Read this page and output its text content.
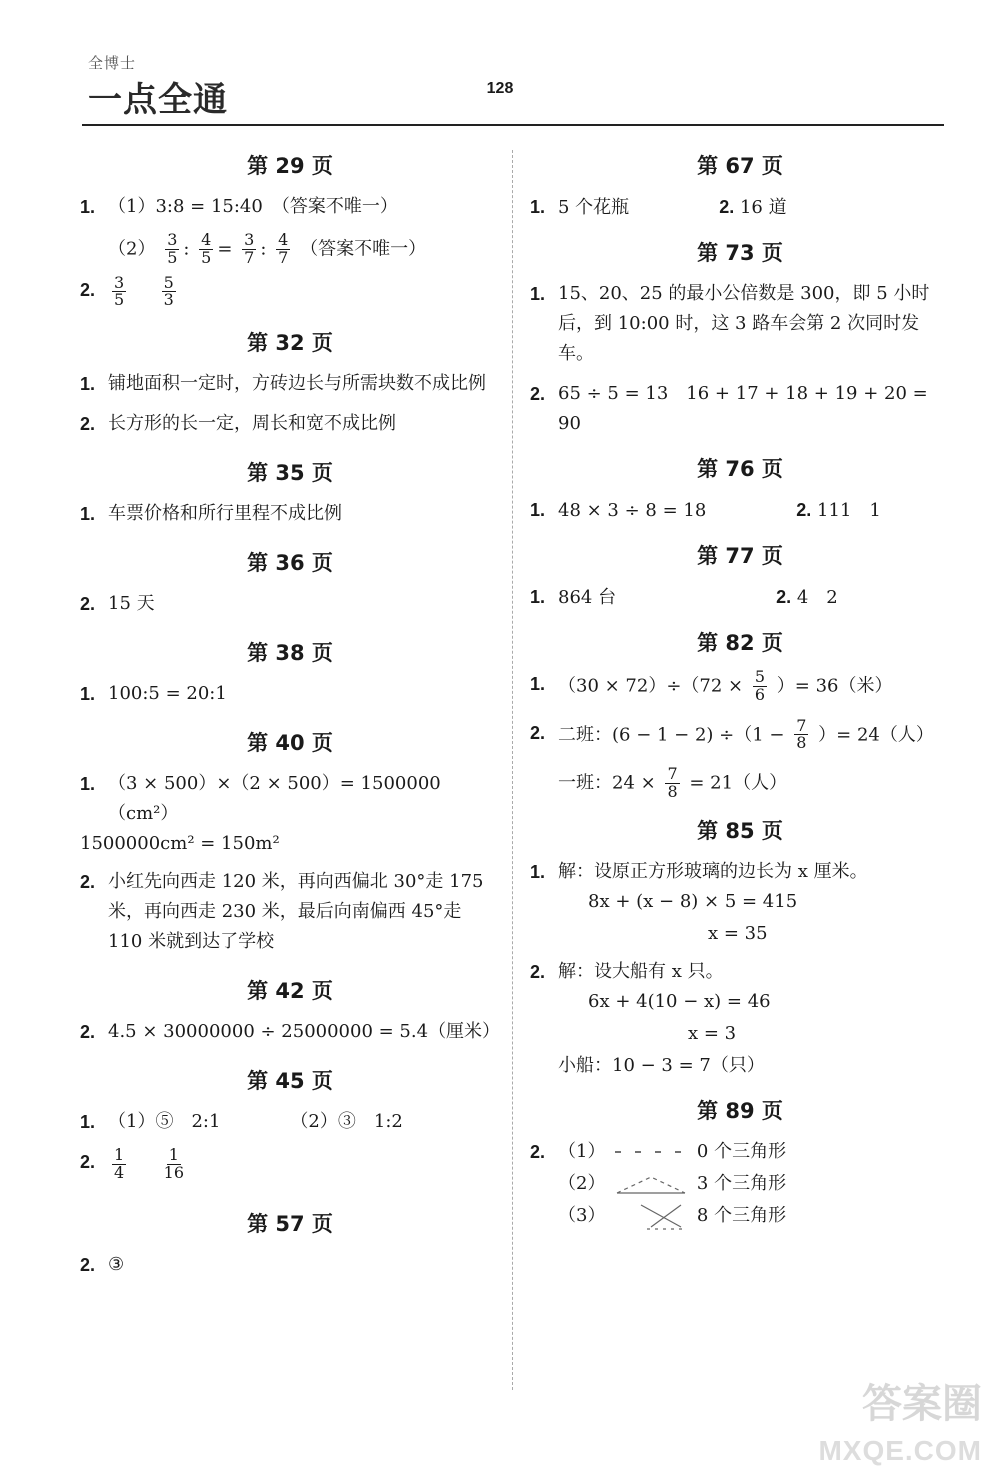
全博士
一点全通	128
第 29 页
1. （1）3:8 = 15:40　（答案不唯一）
$(2) \frac{3}{5}$ : $\frac{4}{5} = \frac{3}{7}$ : $\frac{4}{7}$ （答案不唯一）
2.	$\frac{3}{5}$
$\frac{5}{3}$
第 32 页
1. 铺地面积一定时，方砖边长与所需块数不成比例
2. 长方形的长一定，周长和宽不成比例
第 35 页
1. 车票价格和所行里程不成比例
第 36 页
2. 15 天
第 38 页
1. 100:5 = 20:1
第 40 页
1. （3 × 500）×（2 × 500）= 1500000（cm²）
1500000cm² = 150m²
2. 小红先向西走 120 米，再向西偏北 30°走 175 米，再向西走 230 米，最后向南偏西 45°走 110 米就到达了学校
第 42 页
2. 4.5 × 30000000 ÷ 25000000 = 5.4（厘米）
第 45 页
1. （1）⑤　2:1	（2）③　1:2
2.	$\frac{1}{4}$
$\frac{1}{16}$
第 57 页
2. ③
第 67 页
1. 5 个花瓶	2. 16 道
第 73 页
1. 15、20、25 的最小公倍数是 300，即 5 小时后，到 10:00 时，这 3 路车会第 2 次同时发车。
2. 65 ÷ 5 = 13　16 + 17 + 18 + 19 + 20 = 90
第 76 页
1. 48 × 3 ÷ 8 = 18	2. 111　1
第 77 页
1. 864 台	2. 4　2
第 82 页
1. $(30 \times 72)\div(72 \times \frac{5}{6}$ ）= 36（米）
2. 二班：$(6 - 1 - 2) \div(1 - \frac{7}{8}$ ）= 24（人）
一班：$24 \times \frac{7}{8} = 21$（人）
第 85 页
1. 解：设原正方形玻璃的边长为 x 厘米。
8x + (x − 8) × 5 = 415
x = 35
2. 解：设大船有 x 只。
6x + 4(10 − x) = 46
x = 3
小船：10 − 3 = 7（只）
第 89 页
2. （1）	0 个三角形
（2）	3 个三角形
（3）	8 个三角形
答案圈
MXQE.COM
